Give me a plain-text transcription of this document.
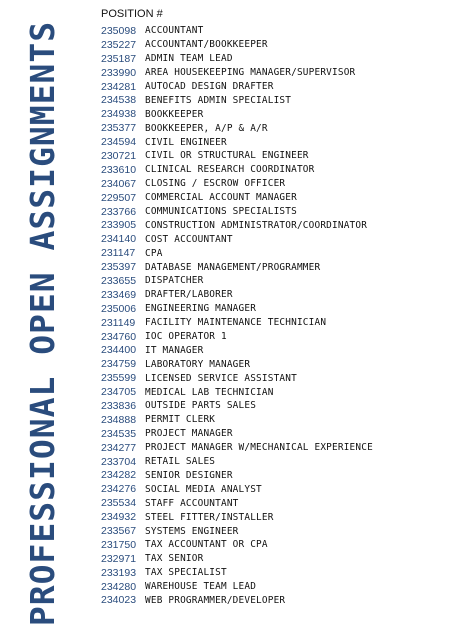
PROFESSIONAL OPEN ASSIGNMENTS
POSITION #
235098 ACCOUNTANT
235227 ACCOUNTANT/BOOKKEEPER
235187 ADMIN TEAM LEAD
233990 AREA HOUSEKEEPING MANAGER/SUPERVISOR
234281 AUTOCAD DESIGN DRAFTER
234538 BENEFITS ADMIN SPECIALIST
234938 BOOKKEEPER
235377 BOOKKEEPER, A/P & A/R
234594 CIVIL ENGINEER
230721 CIVIL OR STRUCTURAL ENGINEER
233610 CLINICAL RESEARCH COORDINATOR
234067 CLOSING / ESCROW OFFICER
229507 COMMERCIAL ACCOUNT MANAGER
233766 COMMUNICATIONS SPECIALISTS
233905 CONSTRUCTION ADMINISTRATOR/COORDINATOR
234140 COST ACCOUNTANT
231147	CPA
235397 DATABASE MANAGEMENT/PROGRAMMER
233655 DISPATCHER
233469 DRAFTER/LABORER
235006 ENGINEERING MANAGER
231149	FACILITY MAINTENANCE TECHNICIAN
234760 IOC OPERATOR 1
234400 IT MANAGER
234759 LABORATORY MANAGER
235599 LICENSED SERVICE ASSISTANT
234705 MEDICAL LAB TECHNICIAN
233836 OUTSIDE PARTS SALES
234888 PERMIT CLERK
234535 PROJECT MANAGER
234277 PROJECT MANAGER W/MECHANICAL EXPERIENCE
233704 RETAIL SALES
234282 SENIOR DESIGNER
234276 SOCIAL MEDIA ANALYST
235534 STAFF ACCOUNTANT
234932 STEEL FITTER/INSTALLER
233567 SYSTEMS ENGINEER
231750 TAX ACCOUNTANT OR CPA
232971 TAX SENIOR
233193 TAX SPECIALIST
234280 WAREHOUSE TEAM LEAD
234023 WEB PROGRAMMER/DEVELOPER
